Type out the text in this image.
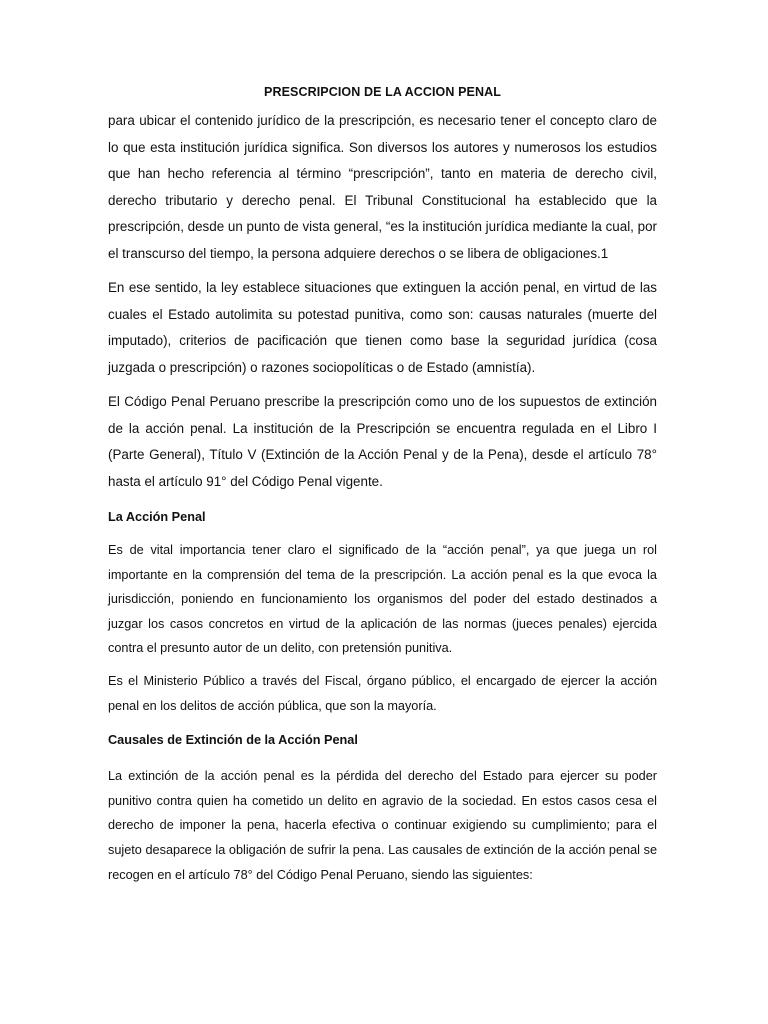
PRESCRIPCION DE LA ACCION PENAL

para ubicar el contenido jurídico de la prescripción, es necesario tener el concepto claro de lo que esta institución jurídica significa. Son diversos los autores y numerosos los estudios que han hecho referencia al término “prescripción”, tanto en materia de derecho civil, derecho tributario y derecho penal. El Tribunal Constitucional ha establecido que la prescripción, desde un punto de vista general, “es la institución jurídica mediante la cual, por el transcurso del tiempo, la persona adquiere derechos o se libera de obligaciones.1

En ese sentido, la ley establece situaciones que extinguen la acción penal, en virtud de las cuales el Estado autolimita su potestad punitiva, como son: causas naturales (muerte del imputado), criterios de pacificación que tienen como base la seguridad jurídica (cosa juzgada o prescripción) o razones sociopolíticas o de Estado (amnistía).

El Código Penal Peruano prescribe la prescripción como uno de los supuestos de extinción de la acción penal. La institución de la Prescripción se encuentra regulada en el Libro I (Parte General), Título V (Extinción de la Acción Penal y de la Pena), desde el artículo 78° hasta el artículo 91° del Código Penal vigente.

La Acción Penal

Es de vital importancia tener claro el significado de la “acción penal”, ya que juega un rol importante en la comprensión del tema de la prescripción. La acción penal es la que evoca la jurisdicción, poniendo en funcionamiento los organismos del poder del estado destinados a juzgar los casos concretos en virtud de la aplicación de las normas (jueces penales) ejercida contra el presunto autor de un delito, con pretensión punitiva.

Es el Ministerio Público a través del Fiscal, órgano público, el encargado de ejercer la acción penal en los delitos de acción pública, que son la mayoría.

Causales de Extinción de la Acción Penal

La extinción de la acción penal es la pérdida del derecho del Estado para ejercer su poder punitivo contra quien ha cometido un delito en agravio de la sociedad. En estos casos cesa el derecho de imponer la pena, hacerla efectiva o continuar exigiendo su cumplimiento; para el sujeto desaparece la obligación de sufrir la pena. Las causales de extinción de la acción penal se recogen en el artículo 78° del Código Penal Peruano, siendo las siguientes:
